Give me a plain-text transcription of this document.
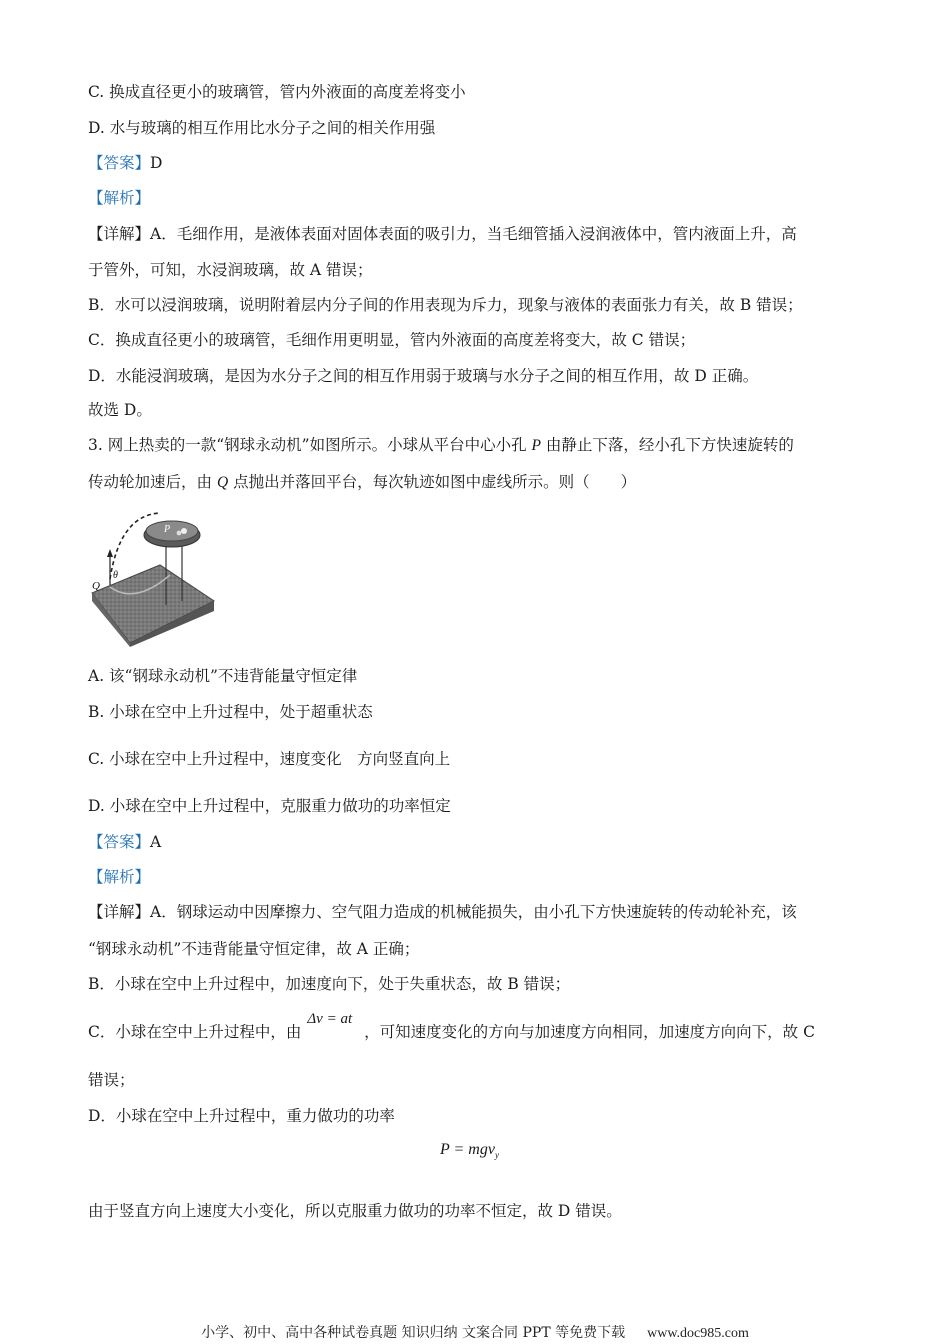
C. 换成直径更小的玻璃管，管内外液面的高度差将变小
D. 水与玻璃的相互作用比水分子之间的相关作用强
【答案】D
【解析】
【详解】A．毛细作用，是液体表面对固体表面的吸引力，当毛细管插入浸润液体中，管内液面上升，高
于管外，可知，水浸润玻璃，故 A 错误；
B．水可以浸润玻璃，说明附着层内分子间的作用表现为斥力，现象与液体的表面张力有关，故 B 错误；
C．换成直径更小的玻璃管，毛细作用更明显，管内外液面的高度差将变大，故 C 错误；
D．水能浸润玻璃，是因为水分子之间的相互作用弱于玻璃与水分子之间的相互作用，故 D 正确。
故选 D。
3. 网上热卖的一款“钢球永动机”如图所示。小球从平台中心小孔 P 由静止下落，经小孔下方快速旋转的
传动轮加速后，由 Q 点抛出并落回平台，每次轨迹如图中虚线所示。则（　　）
P
Q
θ
A. 该“钢球永动机”不违背能量守恒定律
B. 小球在空中上升过程中，处于超重状态
C. 小球在空中上升过程中，速度变化　方向竖直向上
D. 小球在空中上升过程中，克服重力做功的功率恒定
【答案】A
【解析】
【详解】A．钢球运动中因摩擦力、空气阻力造成的机械能损失，由小孔下方快速旋转的传动轮补充，该
“钢球永动机”不违背能量守恒定律，故 A 正确；
B．小球在空中上升过程中，加速度向下，处于失重状态，故 B 错误；
C．小球在空中上升过程中，由Δv = at，可知速度变化的方向与加速度方向相同，加速度方向向下，故 C
错误；
D．小球在空中上升过程中，重力做功的功率
P = mgv$_y$
由于竖直方向上速度大小变化，所以克服重力做功的功率不恒定，故 D 错误。
小学、初中、高中各种试卷真题 知识归纳 文案合同 PPT 等免费下载 www.doc985.com
